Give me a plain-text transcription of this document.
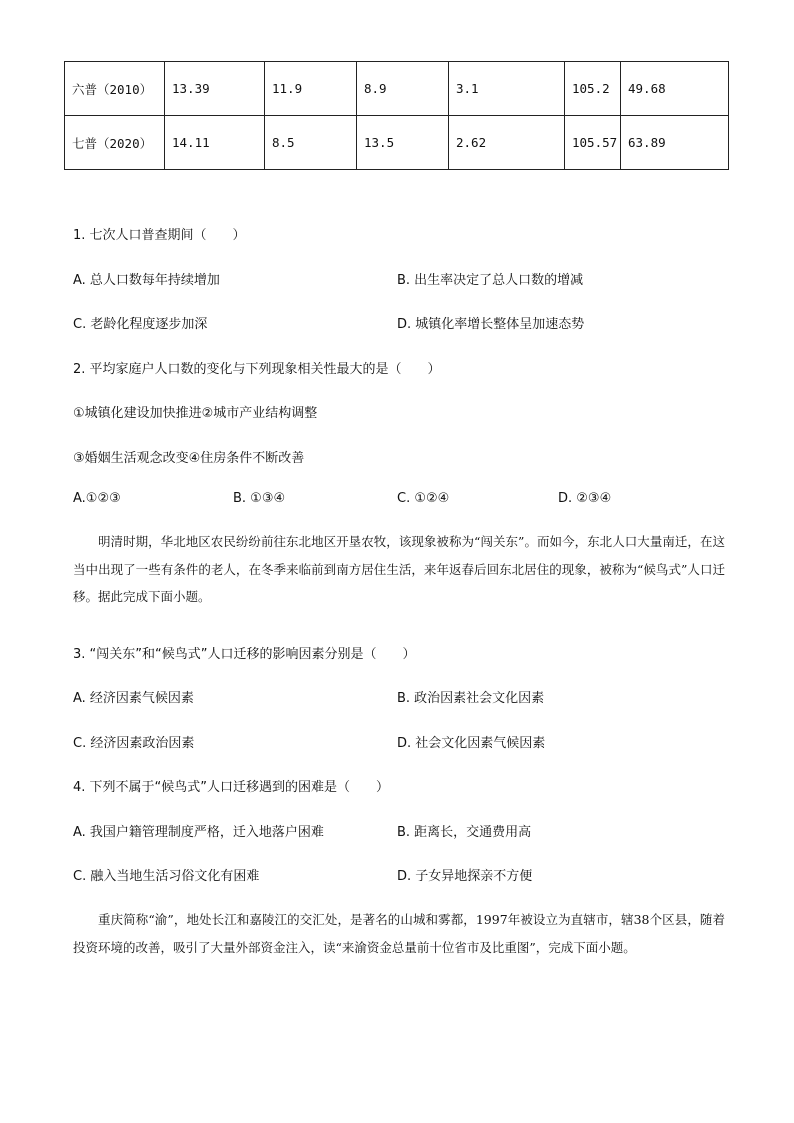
六普（2010）	13.39	11.9	8.9	3.1	105.2	49.68
七普（2020）	14.11	8.5	13.5	2.62	105.57	63.89
1. 七次人口普查期间（　　）
A. 总人口数每年持续增加	B. 出生率决定了总人口数的增减
C. 老龄化程度逐步加深	D. 城镇化率增长整体呈加速态势
2. 平均家庭户人口数的变化与下列现象相关性最大的是（　　）
①城镇化建设加快推进②城市产业结构调整
③婚姻生活观念改变④住房条件不断改善
A.①②③	B. ①③④	C. ①②④	D. ②③④
明清时期，华北地区农民纷纷前往东北地区开垦农牧，该现象被称为“闯关东”。而如今，东北人口大量南迁，在这当中出现了一些有条件的老人，在冬季来临前到南方居住生活，来年返春后回东北居住的现象，被称为“候鸟式”人口迁移。据此完成下面小题。
3. “闯关东”和“候鸟式”人口迁移的影响因素分别是（　　）
A. 经济因素气候因素	B. 政治因素社会文化因素
C. 经济因素政治因素	D. 社会文化因素气候因素
4. 下列不属于“候鸟式”人口迁移遇到的困难是（　　）
A. 我国户籍管理制度严格，迁入地落户困难	B. 距离长，交通费用高
C. 融入当地生活习俗文化有困难	D. 子女异地探亲不方便
重庆简称“渝”，地处长江和嘉陵江的交汇处，是著名的山城和雾都，1997年被设立为直辖市，辖38个区县，随着投资环境的改善，吸引了大量外部资金注入，读“来渝资金总量前十位省市及比重图”，完成下面小题。
